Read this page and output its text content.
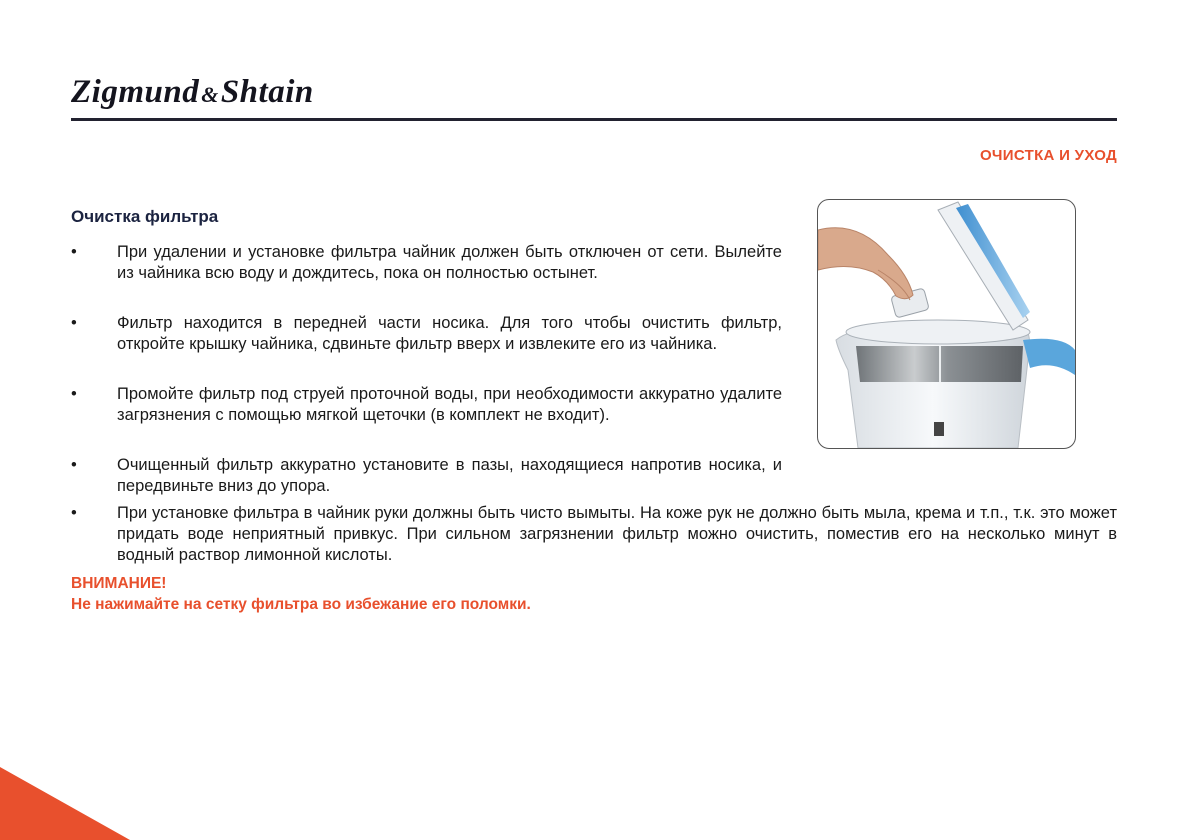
Zigmund&Shtain
ОЧИСТКА И УХОД
Очистка фильтра
•	При удалении и установке фильтра чайник должен быть отключен от сети. Вылейте из чайника всю воду и дождитесь, пока он полностью остынет.
•	Фильтр находится в передней части носика. Для того чтобы очистить фильтр, откройте крышку чайника, сдвиньте фильтр вверх и извлеките его из чайника.
•	Промойте фильтр под струей проточной воды, при необходимости аккуратно удалите загрязнения с помощью мягкой щеточки (в комплект не входит).
•	Очищенный фильтр аккуратно установите в пазы, находящиеся напротив носика, и передвиньте вниз до упора.
•	При установке фильтра в чайник руки должны быть чисто вымыты. На коже рук не должно быть мыла, крема и т.п., т.к. это может придать воде неприятный привкус. При сильном загрязнении фильтр можно очистить, поместив его на несколько минут в водный раствор лимонной кислоты.
ВНИМАНИЕ!
Не нажимайте на сетку фильтра во избежание его поломки.
